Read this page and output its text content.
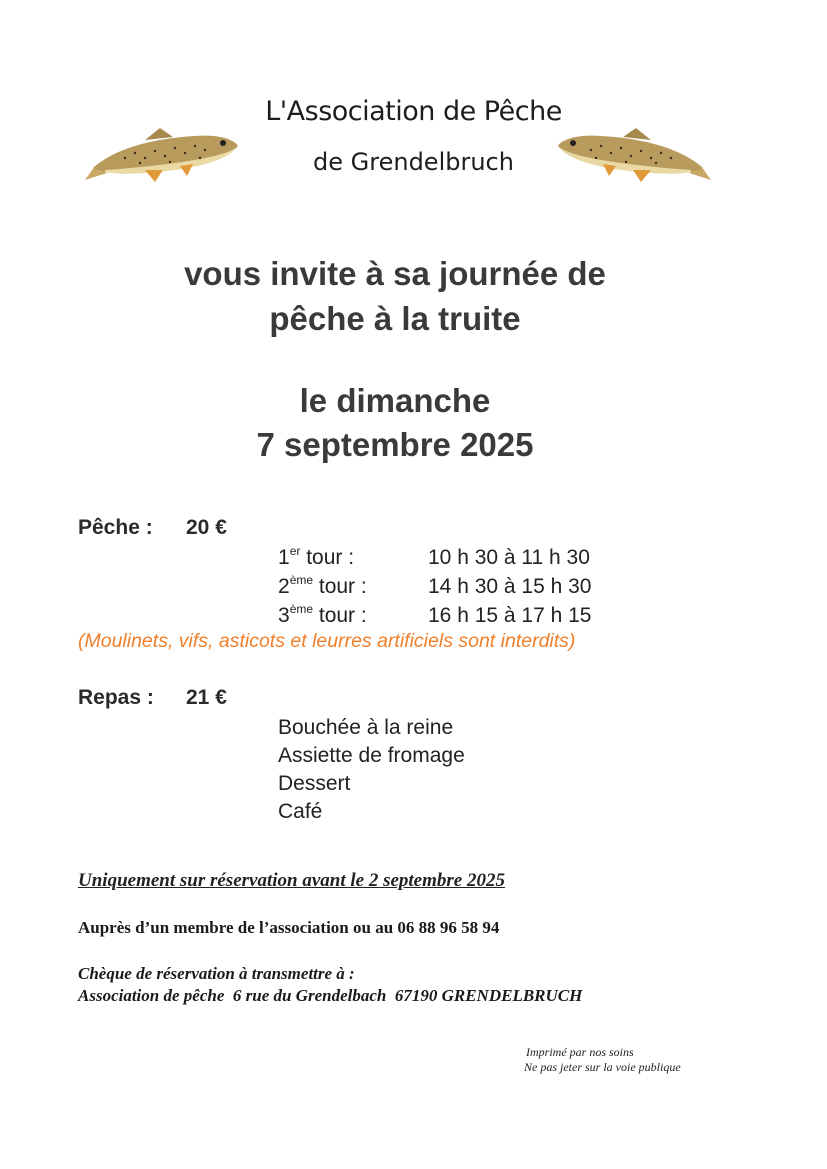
L'Association de Pêche
de Grendelbruch
vous invite à sa journée de
pêche à la truite
le dimanche
7 septembre 2025
Pêche : 20 €
1er tour :	10 h 30 à 11 h 30
2ème tour :	14 h 30 à 15 h 30
3ème tour :	16 h 15 à 17 h 15
(Moulinets, vifs, asticots et leurres artificiels sont interdits)
Repas : 21 €
Bouchée à la reine
Assiette de fromage
Dessert
Café
Uniquement sur réservation avant le 2 septembre 2025
Auprès d’un membre de l’association ou au 06 88 96 58 94
Chèque de réservation à transmettre à :
Association de pêche  6 rue du Grendelbach  67190 GRENDELBRUCH
Imprimé par nos soins
Ne pas jeter sur la voie publique
